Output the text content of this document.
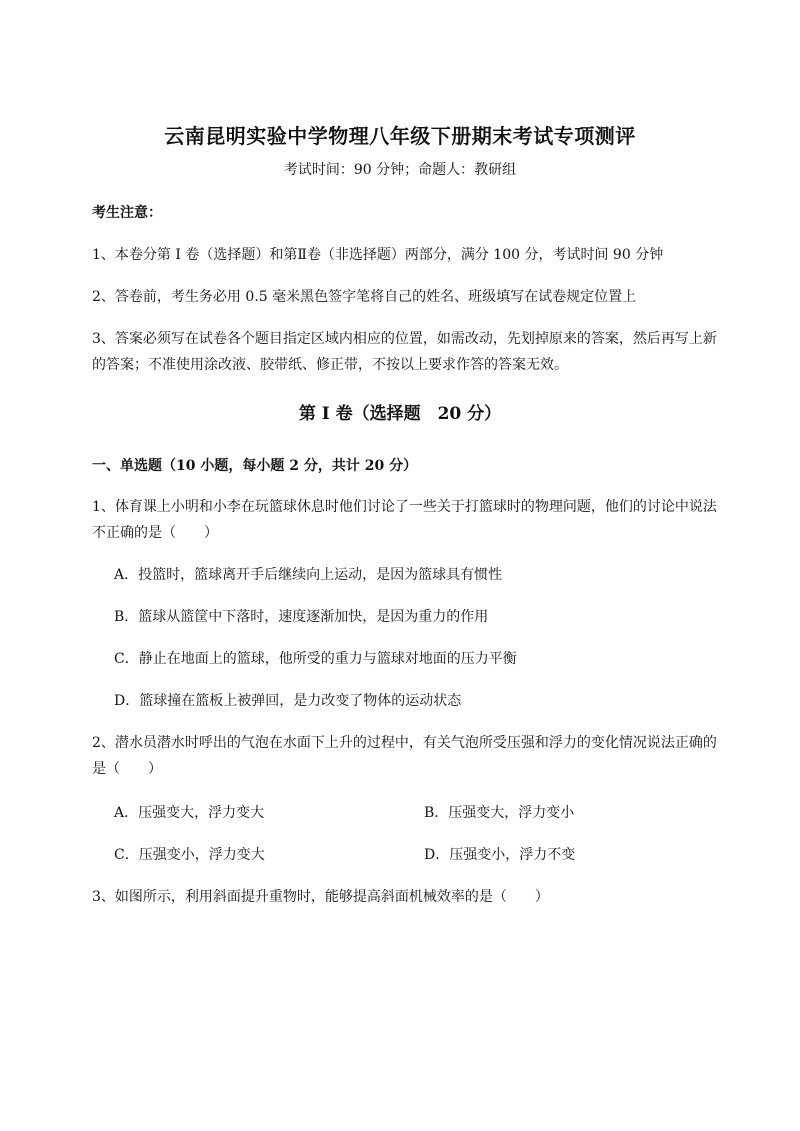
云南昆明实验中学物理八年级下册期末考试专项测评
考试时间：90 分钟；命题人：教研组
考生注意：
1、本卷分第 I 卷（选择题）和第Ⅱ卷（非选择题）两部分，满分 100 分，考试时间 90 分钟
2、答卷前，考生务必用 0.5 毫米黑色签字笔将自己的姓名、班级填写在试卷规定位置上
3、答案必须写在试卷各个题目指定区域内相应的位置，如需改动，先划掉原来的答案，然后再写上新
的答案；不准使用涂改液、胶带纸、修正带，不按以上要求作答的答案无效。
第 I 卷（选择题　20 分）
一、单选题（10 小题，每小题 2 分，共计 20 分）
1、体育课上小明和小李在玩篮球休息时他们讨论了一些关于打篮球时的物理问题，他们的讨论中说法
不正确的是（　　）
A．投篮时，篮球离开手后继续向上运动，是因为篮球具有惯性
B．篮球从篮筐中下落时，速度逐渐加快，是因为重力的作用
C．静止在地面上的篮球，他所受的重力与篮球对地面的压力平衡
D．篮球撞在篮板上被弹回，是力改变了物体的运动状态
2、潜水员潜水时呼出的气泡在水面下上升的过程中，有关气泡所受压强和浮力的变化情况说法正确的
是（　　）
A．压强变大，浮力变大	B．压强变大，浮力变小
C．压强变小，浮力变大	D．压强变小，浮力不变
3、如图所示，利用斜面提升重物时，能够提高斜面机械效率的是（　　）
